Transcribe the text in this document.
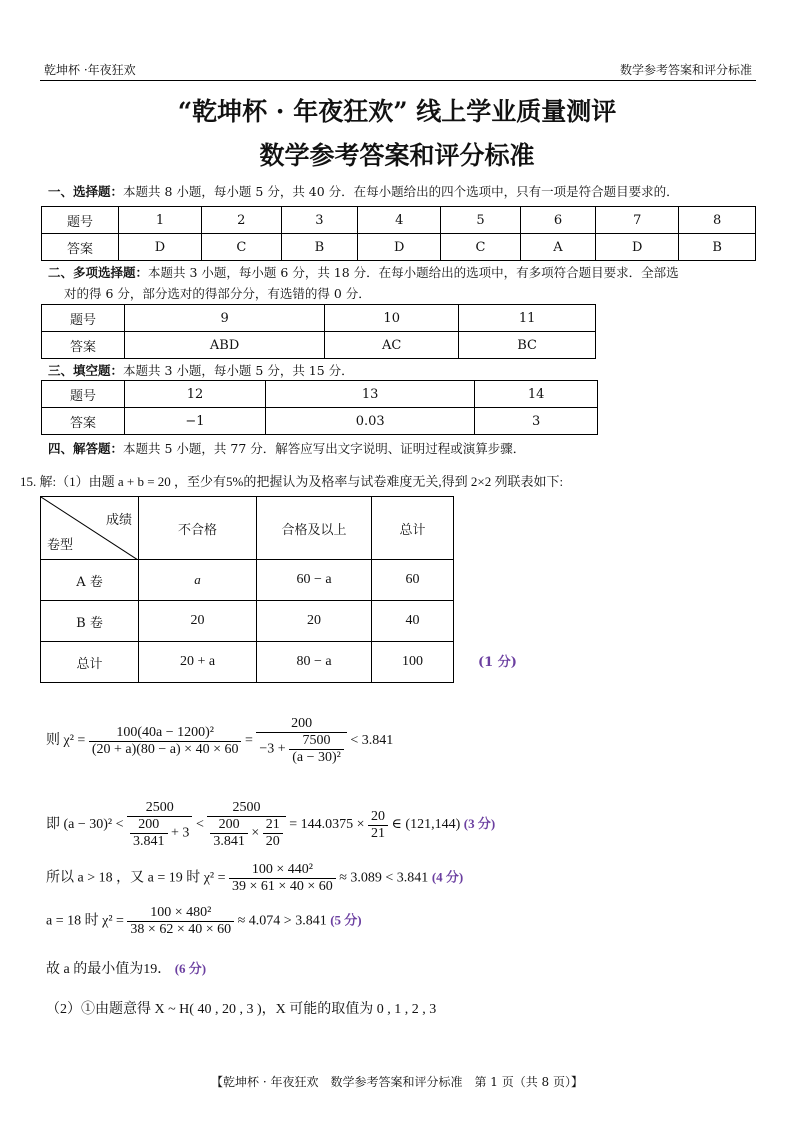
乾坤杯 ·年夜狂欢	数学参考答案和评分标准
“乾坤杯 · 年夜狂欢” 线上学业质量测评
数学参考答案和评分标准
一、选择题：本题共 8 小题，每小题 5 分，共 40 分．在每小题给出的四个选项中，只有一项是符合题目要求的．
题号	1	2	3	4	5	6	7	8
答案	D	C	B	D	C	A	D	B
二、多项选择题：本题共 3 小题，每小题 6 分，共 18 分．在每小题给出的选项中，有多项符合题目要求．全部选
对的得 6 分，部分选对的得部分分，有选错的得 0 分．
题号	9	10	11
答案	ABD	AC	BC
三、填空题：本题共 3 小题，每小题 5 分，共 15 分．
题号	12	13	14
答案	−1	0.03	3
四、解答题：本题共 5 小题，共 77 分．解答应写出文字说明、证明过程或演算步骤．
15. 解:（1）由题 a + b = 20 ，至少有5%的把握认为及格率与试卷难度无关,得到 2×2 列联表如下:
成绩
卷型	不合格	合格及以上	总计
A 卷	a	60 − a	60
B 卷	20	20	40
总计	20 + a	80 − a	100	(1 分)
则 $\chi^2 = \frac{\text{100(40a − 1200)²}}{(20 + a)(80 - a) \times 40 \times 60} = \frac{200}{-3 + \frac{7500}{\text{(a − 30)²}}} < 3.841$
即 $(a - 30)^2 < \frac{2500}{\frac{200}{3.841} + 3}$ <
2500
$\frac{200}{3.841} \times \frac{21}{20} = 144.0375 \times \frac{20}{21}$ ∈ (121,144) (3 分)
所以 a > 18 ，又 a = 19 时 $\chi^2 = \frac{\text{100 × 440²}}{39 \times 61 \times 40 \times 60} \approx 3.089 < 3.841$ (4 分)
a = 18 时 $\chi^2 = \frac{\text{100 × 480²}}{38 \times 62 \times 40 \times 60} \approx 4.074 > 3.841$ (5 分)
故 a 的最小值为19． (6 分)
（2）①由题意得 X ~ H( 40 , 20 , 3 )，X 可能的取值为 0 , 1 , 2 , 3
【乾坤杯 · 年夜狂欢　数学参考答案和评分标准　第 1 页（共 8 页）】
